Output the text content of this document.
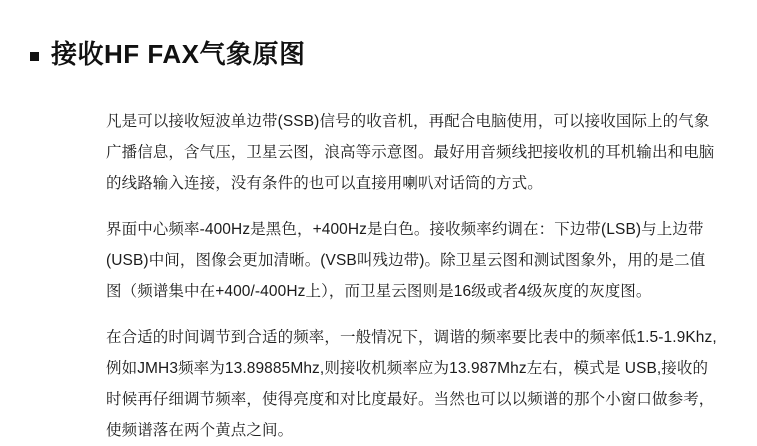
接收HF FAX气象原图

凡是可以接收短波单边带(SSB)信号的收音机，再配合电脑使用，可以接收国际上的气象广播信息，含气压，卫星云图，浪高等示意图。最好用音频线把接收机的耳机输出和电脑的线路输入连接，没有条件的也可以直接用喇叭对话筒的方式。

界面中心频率-400Hz是黑色，+400Hz是白色。接收频率约调在：下边带(LSB)与上边带(USB)中间，图像会更加清晰。(VSB叫残边带)。除卫星云图和测试图象外，用的是二值图（频谱集中在+400/-400Hz上），而卫星云图则是16级或者4级灰度的灰度图。

在合适的时间调节到合适的频率，一般情况下，调谐的频率要比表中的频率低1.5-1.9Khz,例如JMH3频率为13.89885Mhz,则接收机频率应为13.987Mhz左右，模式是 USB,接收的时候再仔细调节频率，使得亮度和对比度最好。当然也可以以频谱的那个小窗口做参考，使频谱落在两个黄点之间。
